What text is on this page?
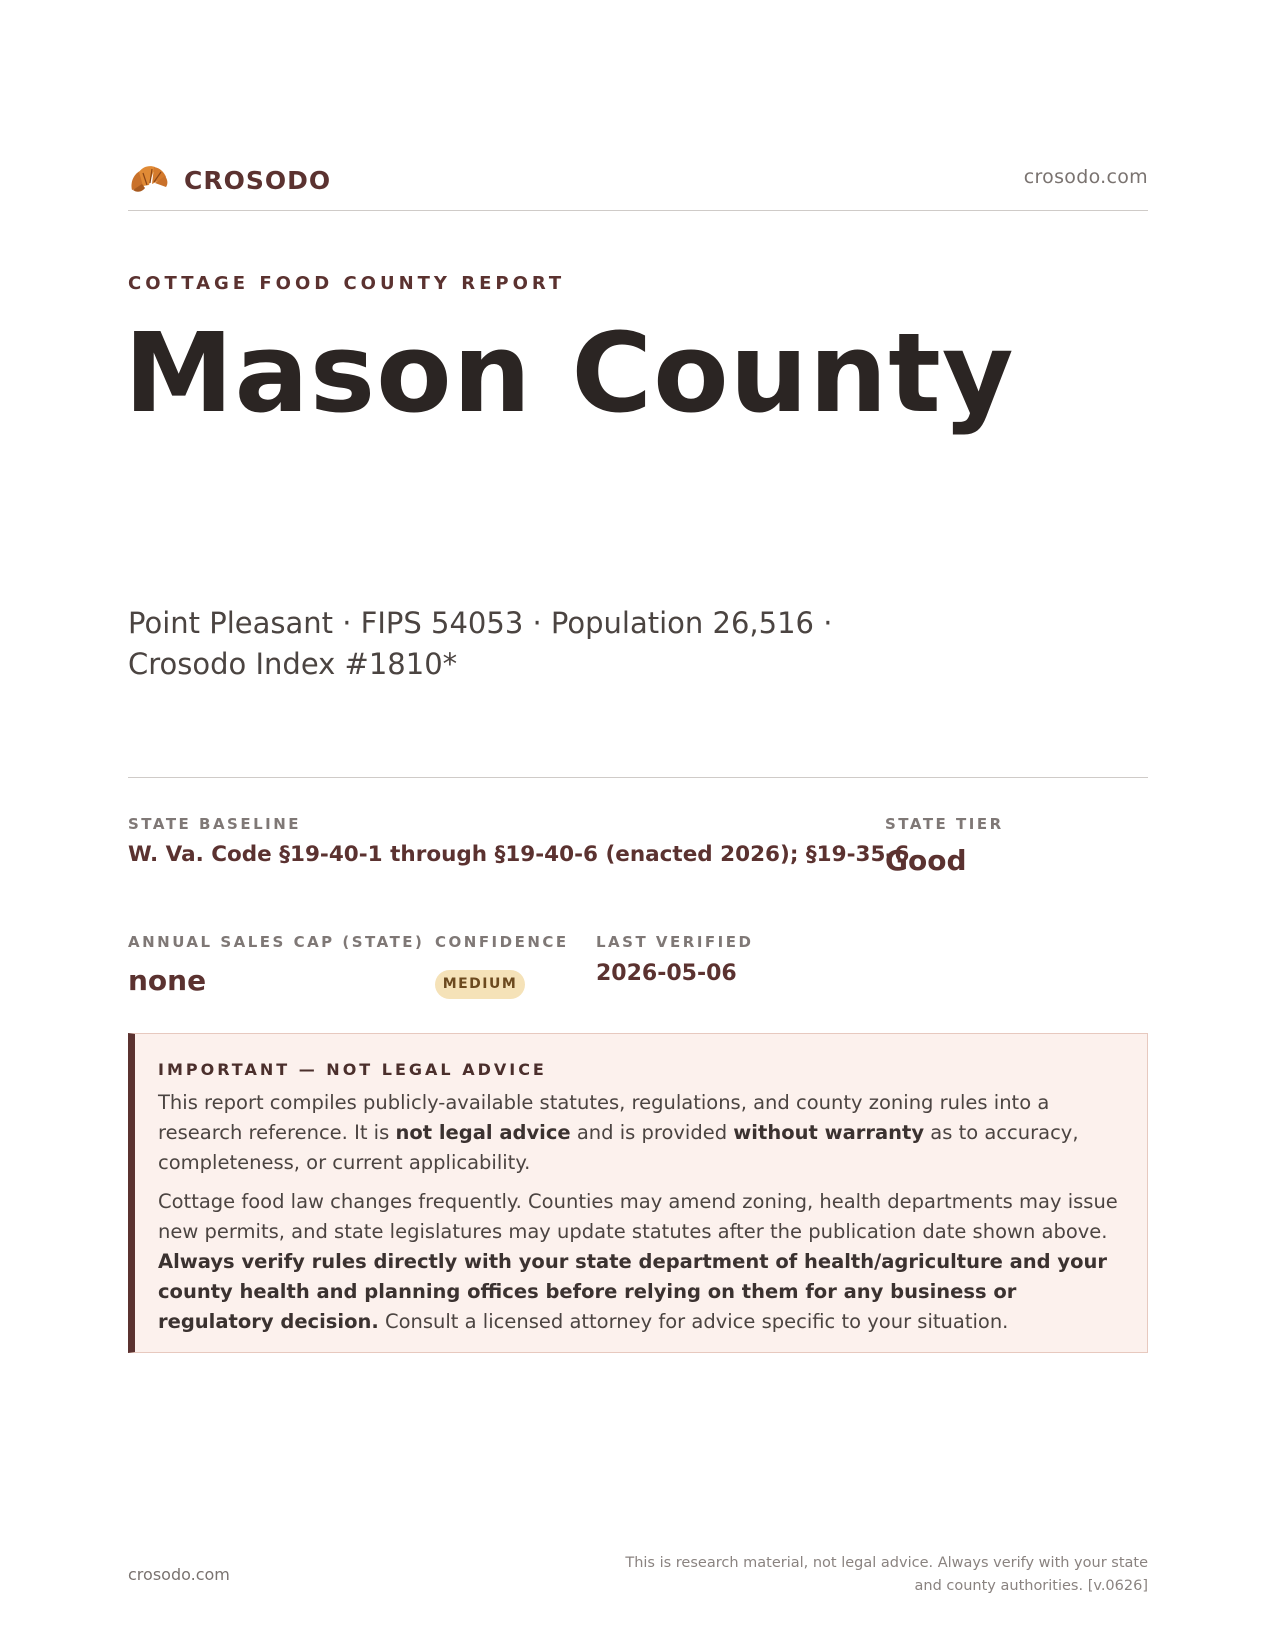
CROSODO	crosodo.com
COTTAGE FOOD COUNTY REPORT
Mason County
Point Pleasant · FIPS 54053 · Population 26,516 · Crosodo Index #1810*
STATE BASELINE
W. Va. Code §19-40-1 through §19-40-6 (enacted 2026); §19-35-6
STATE TIER
Good
ANNUAL SALES CAP (STATE)
none
CONFIDENCE
MEDIUM
LAST VERIFIED
2026-05-06
IMPORTANT — NOT LEGAL ADVICE

This report compiles publicly-available statutes, regulations, and county zoning rules into a research reference. It is not legal advice and is provided without warranty as to accuracy, completeness, or current applicability.

Cottage food law changes frequently. Counties may amend zoning, health departments may issue new permits, and state legislatures may update statutes after the publication date shown above. Always verify rules directly with your state department of health/agriculture and your county health and planning offices before relying on them for any business or regulatory decision. Consult a licensed attorney for advice specific to your situation.

crosodo.com
This is research material, not legal advice. Always verify with your state
and county authorities. [v.0626]
